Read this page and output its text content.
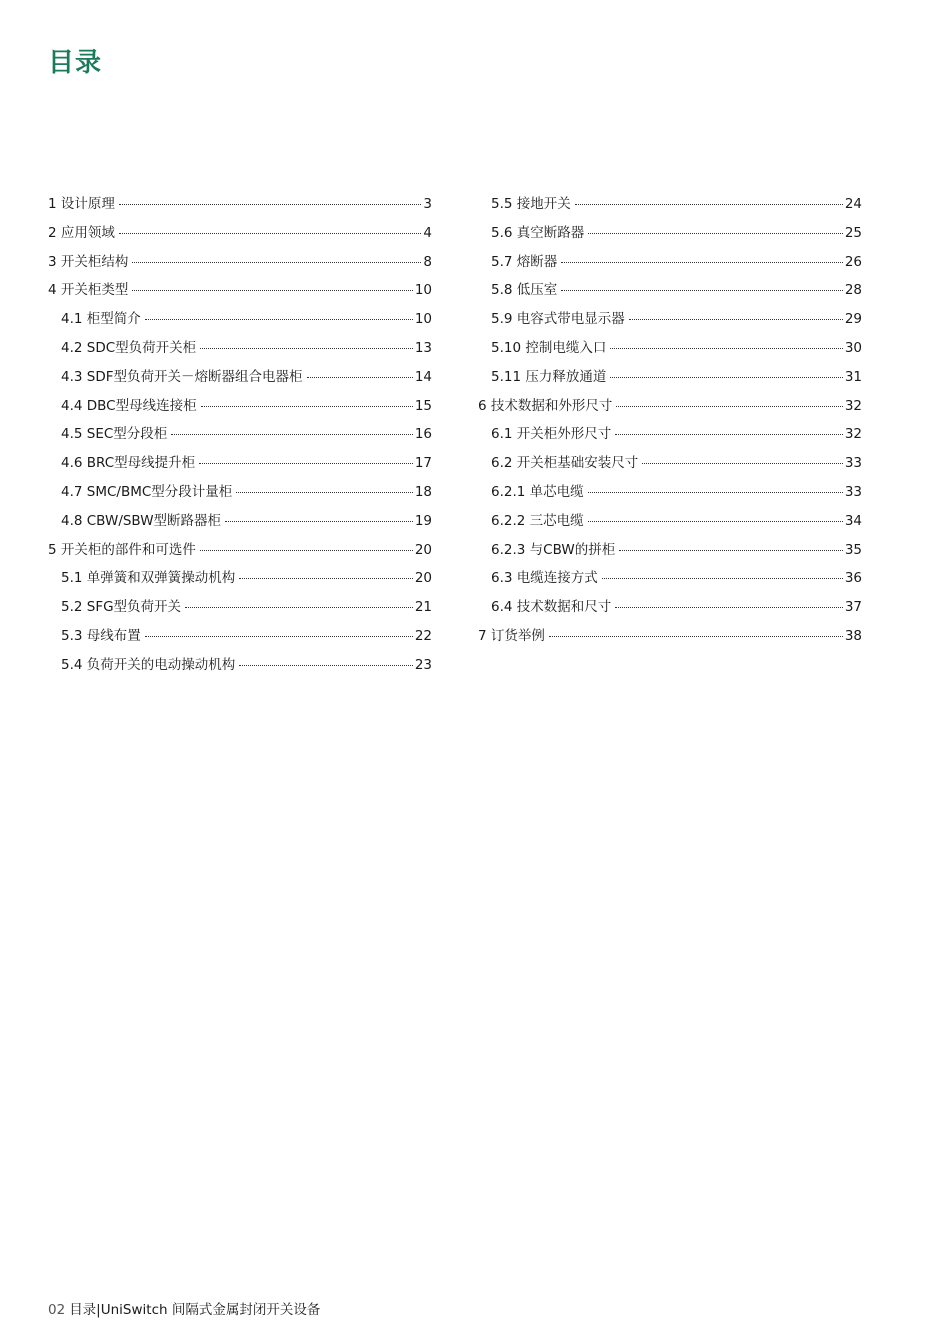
目录
1 设计原理	3
2 应用领域	4
3 开关柜结构	8
4 开关柜类型	10
4.1 柜型简介	10
4.2 SDC型负荷开关柜	13
4.3 SDF型负荷开关－熔断器组合电器柜	14
4.4 DBC型母线连接柜	15
4.5 SEC型分段柜	16
4.6 BRC型母线提升柜	17
4.7 SMC/BMC型分段计量柜	18
4.8 CBW/SBW型断路器柜	19
5 开关柜的部件和可选件	20
5.1 单弹簧和双弹簧操动机构	20
5.2 SFG型负荷开关	21
5.3 母线布置	22
5.4 负荷开关的电动操动机构	23
5.5 接地开关	24
5.6 真空断路器	25
5.7 熔断器	26
5.8 低压室	28
5.9 电容式带电显示器	29
5.10 控制电缆入口	30
5.11 压力释放通道	31
6 技术数据和外形尺寸	32
6.1 开关柜外形尺寸	32
6.2 开关柜基础安装尺寸	33
6.2.1 单芯电缆	33
6.2.2 三芯电缆	34
6.2.3 与CBW的拼柜	35
6.3 电缆连接方式	36
6.4 技术数据和尺寸	37
7 订货举例	38
02 目录|UniSwitch 间隔式金属封闭开关设备
